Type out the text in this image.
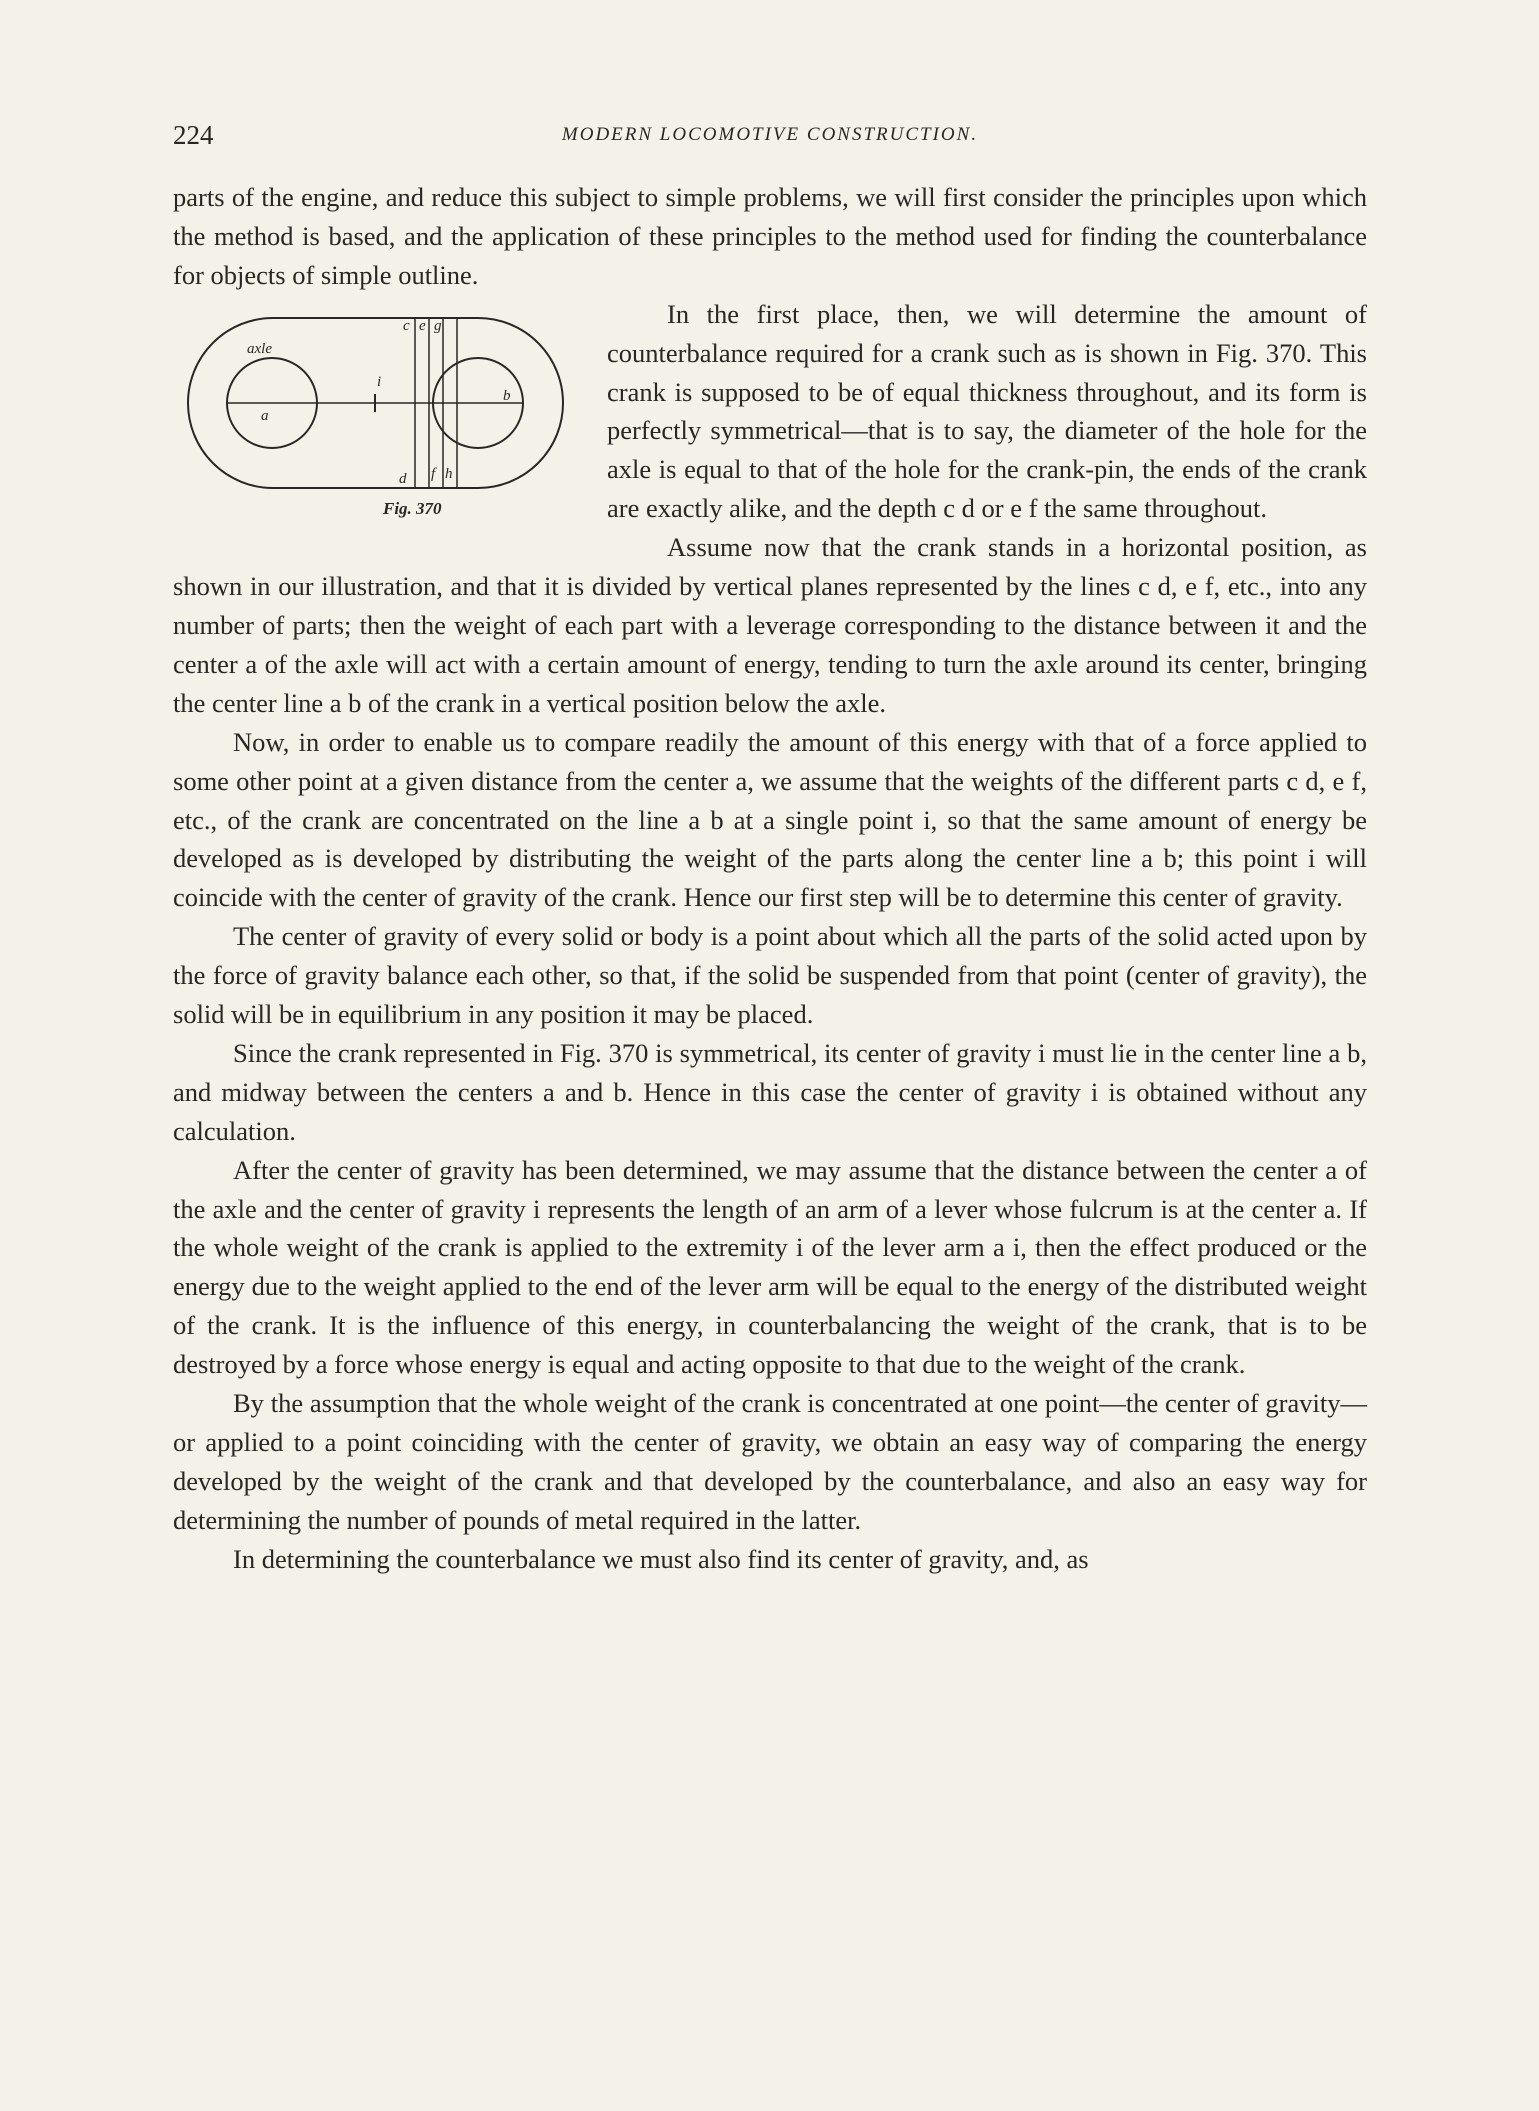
224	MODERN LOCOMOTIVE CONSTRUCTION.

parts of the engine, and reduce this subject to simple problems, we will first consider the principles upon which the method is based, and the application of these principles to the method used for finding the counterbalance for objects of simple outline.

axle
a
b
i
c
d
e
f
g
h
Fig. 370
In the first place, then, we will determine the amount of counterbalance required for a crank such as is shown in Fig. 370. This crank is supposed to be of equal thickness throughout, and its form is perfectly symmetrical—that is to say, the diameter of the hole for the axle is equal to that of the hole for the crank-pin, the ends of the crank are exactly alike, and the depth c d or e f the same throughout.

Assume now that the crank stands in a horizontal position, as shown in our illustration, and that it is divided by vertical planes represented by the lines c d, e f, etc., into any number of parts; then the weight of each part with a leverage corresponding to the distance between it and the center a of the axle will act with a certain amount of energy, tending to turn the axle around its center, bringing the center line a b of the crank in a vertical position below the axle.

Now, in order to enable us to compare readily the amount of this energy with that of a force applied to some other point at a given distance from the center a, we assume that the weights of the different parts c d, e f, etc., of the crank are concentrated on the line a b at a single point i, so that the same amount of energy be developed as is developed by distributing the weight of the parts along the center line a b; this point i will coincide with the center of gravity of the crank. Hence our first step will be to determine this center of gravity.

The center of gravity of every solid or body is a point about which all the parts of the solid acted upon by the force of gravity balance each other, so that, if the solid be suspended from that point (center of gravity), the solid will be in equilibrium in any position it may be placed.

Since the crank represented in Fig. 370 is symmetrical, its center of gravity i must lie in the center line a b, and midway between the centers a and b. Hence in this case the center of gravity i is obtained without any calculation.

After the center of gravity has been determined, we may assume that the distance between the center a of the axle and the center of gravity i represents the length of an arm of a lever whose fulcrum is at the center a. If the whole weight of the crank is applied to the extremity i of the lever arm a i, then the effect produced or the energy due to the weight applied to the end of the lever arm will be equal to the energy of the distributed weight of the crank. It is the influence of this energy, in counterbalancing the weight of the crank, that is to be destroyed by a force whose energy is equal and acting opposite to that due to the weight of the crank.

By the assumption that the whole weight of the crank is concentrated at one point—the center of gravity—or applied to a point coinciding with the center of gravity, we obtain an easy way of comparing the energy developed by the weight of the crank and that developed by the counterbalance, and also an easy way for determining the number of pounds of metal required in the latter.

In determining the counterbalance we must also find its center of gravity, and, as
